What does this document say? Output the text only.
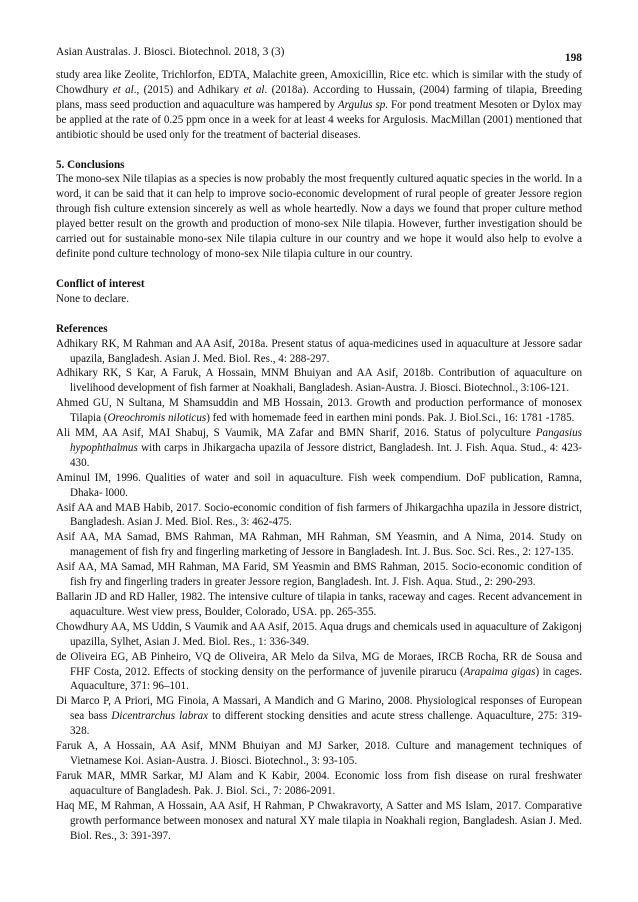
Asian Australas. J. Biosci. Biotechnol. 2018, 3 (3)	198

study area like Zeolite, Trichlorfon, EDTA, Malachite green, Amoxicillin, Rice etc. which is similar with the study of Chowdhury et al., (2015) and Adhikary et al. (2018a). According to Hussain, (2004) farming of tilapia, Breeding plans, mass seed production and aquaculture was hampered by Argulus sp. For pond treatment Mesoten or Dylox may be applied at the rate of 0.25 ppm once in a week for at least 4 weeks for Argulosis. MacMillan (2001) mentioned that antibiotic should be used only for the treatment of bacterial diseases.

5. Conclusions

The mono-sex Nile tilapias as a species is now probably the most frequently cultured aquatic species in the world. In a word, it can be said that it can help to improve socio-economic development of rural people of greater Jessore region through fish culture extension sincerely as well as whole heartedly. Now a days we found that proper culture method played better result on the growth and production of mono-sex Nile tilapia. However, further investigation should be carried out for sustainable mono-sex Nile tilapia culture in our country and we hope it would also help to evolve a definite pond culture technology of mono-sex Nile tilapia culture in our country.

Conflict of interest

None to declare.

References

Adhikary RK, M Rahman and AA Asif, 2018a. Present status of aqua-medicines used in aquaculture at Jessore sadar upazila, Bangladesh. Asian J. Med. Biol. Res., 4: 288-297.
Adhikary RK, S Kar, A Faruk, A Hossain, MNM Bhuiyan and AA Asif, 2018b. Contribution of aquaculture on livelihood development of fish farmer at Noakhali, Bangladesh. Asian-Austra. J. Biosci. Biotechnol., 3:106-121.
Ahmed GU, N Sultana, M Shamsuddin and MB Hossain, 2013. Growth and production performance of monosex Tilapia (Oreochromis niloticus) fed with homemade feed in earthen mini ponds. Pak. J. Biol.Sci., 16: 1781 -1785.
Ali MM, AA Asif, MAI Shabuj, S Vaumik, MA Zafar and BMN Sharif, 2016. Status of polyculture Pangasius hypophthalmus with carps in Jhikargacha upazila of Jessore district, Bangladesh. Int. J. Fish. Aqua. Stud., 4: 423-430.
Aminul IM, 1996. Qualities of water and soil in aquaculture. Fish week compendium. DoF publication, Ramna, Dhaka- l000.
Asif AA and MAB Habib, 2017. Socio-economic condition of fish farmers of Jhikargachha upazila in Jessore district, Bangladesh. Asian J. Med. Biol. Res., 3: 462-475.
Asif AA, MA Samad, BMS Rahman, MA Rahman, MH Rahman, SM Yeasmin, and A Nima, 2014. Study on management of fish fry and fingerling marketing of Jessore in Bangladesh. Int. J. Bus. Soc. Sci. Res., 2: 127-135.
Asif AA, MA Samad, MH Rahman, MA Farid, SM Yeasmin and BMS Rahman, 2015. Socio-economic condition of fish fry and fingerling traders in greater Jessore region, Bangladesh. Int. J. Fish. Aqua. Stud., 2: 290-293.
Ballarin JD and RD Haller, 1982. The intensive culture of tilapia in tanks, raceway and cages. Recent advancement in aquaculture. West view press, Boulder, Colorado, USA. pp. 265-355.
Chowdhury AA, MS Uddin, S Vaumik and AA Asif, 2015. Aqua drugs and chemicals used in aquaculture of Zakigonj upazilla, Sylhet, Asian J. Med. Biol. Res., 1: 336-349.
de Oliveira EG, AB Pinheiro, VQ de Oliveira, AR Melo da Silva, MG de Moraes, IRCB Rocha, RR de Sousa and FHF Costa, 2012. Effects of stocking density on the performance of juvenile pirarucu (Arapaima gigas) in cages. Aquaculture, 371: 96–101.
Di Marco P, A Priori, MG Finoia, A Massari, A Mandich and G Marino, 2008. Physiological responses of European sea bass Dicentrarchus labrax to different stocking densities and acute stress challenge. Aquaculture, 275: 319-328.
Faruk A, A Hossain, AA Asif, MNM Bhuiyan and MJ Sarker, 2018. Culture and management techniques of Vietnamese Koi. Asian-Austra. J. Biosci. Biotechnol., 3: 93-105.
Faruk MAR, MMR Sarkar, MJ Alam and K Kabir, 2004. Economic loss from fish disease on rural freshwater aquaculture of Bangladesh. Pak. J. Biol. Sci., 7: 2086-2091.
Haq ME, M Rahman, A Hossain, AA Asif, H Rahman, P Chwakravorty, A Satter and MS Islam, 2017. Comparative growth performance between monosex and natural XY male tilapia in Noakhali region, Bangladesh. Asian J. Med. Biol. Res., 3: 391-397.
